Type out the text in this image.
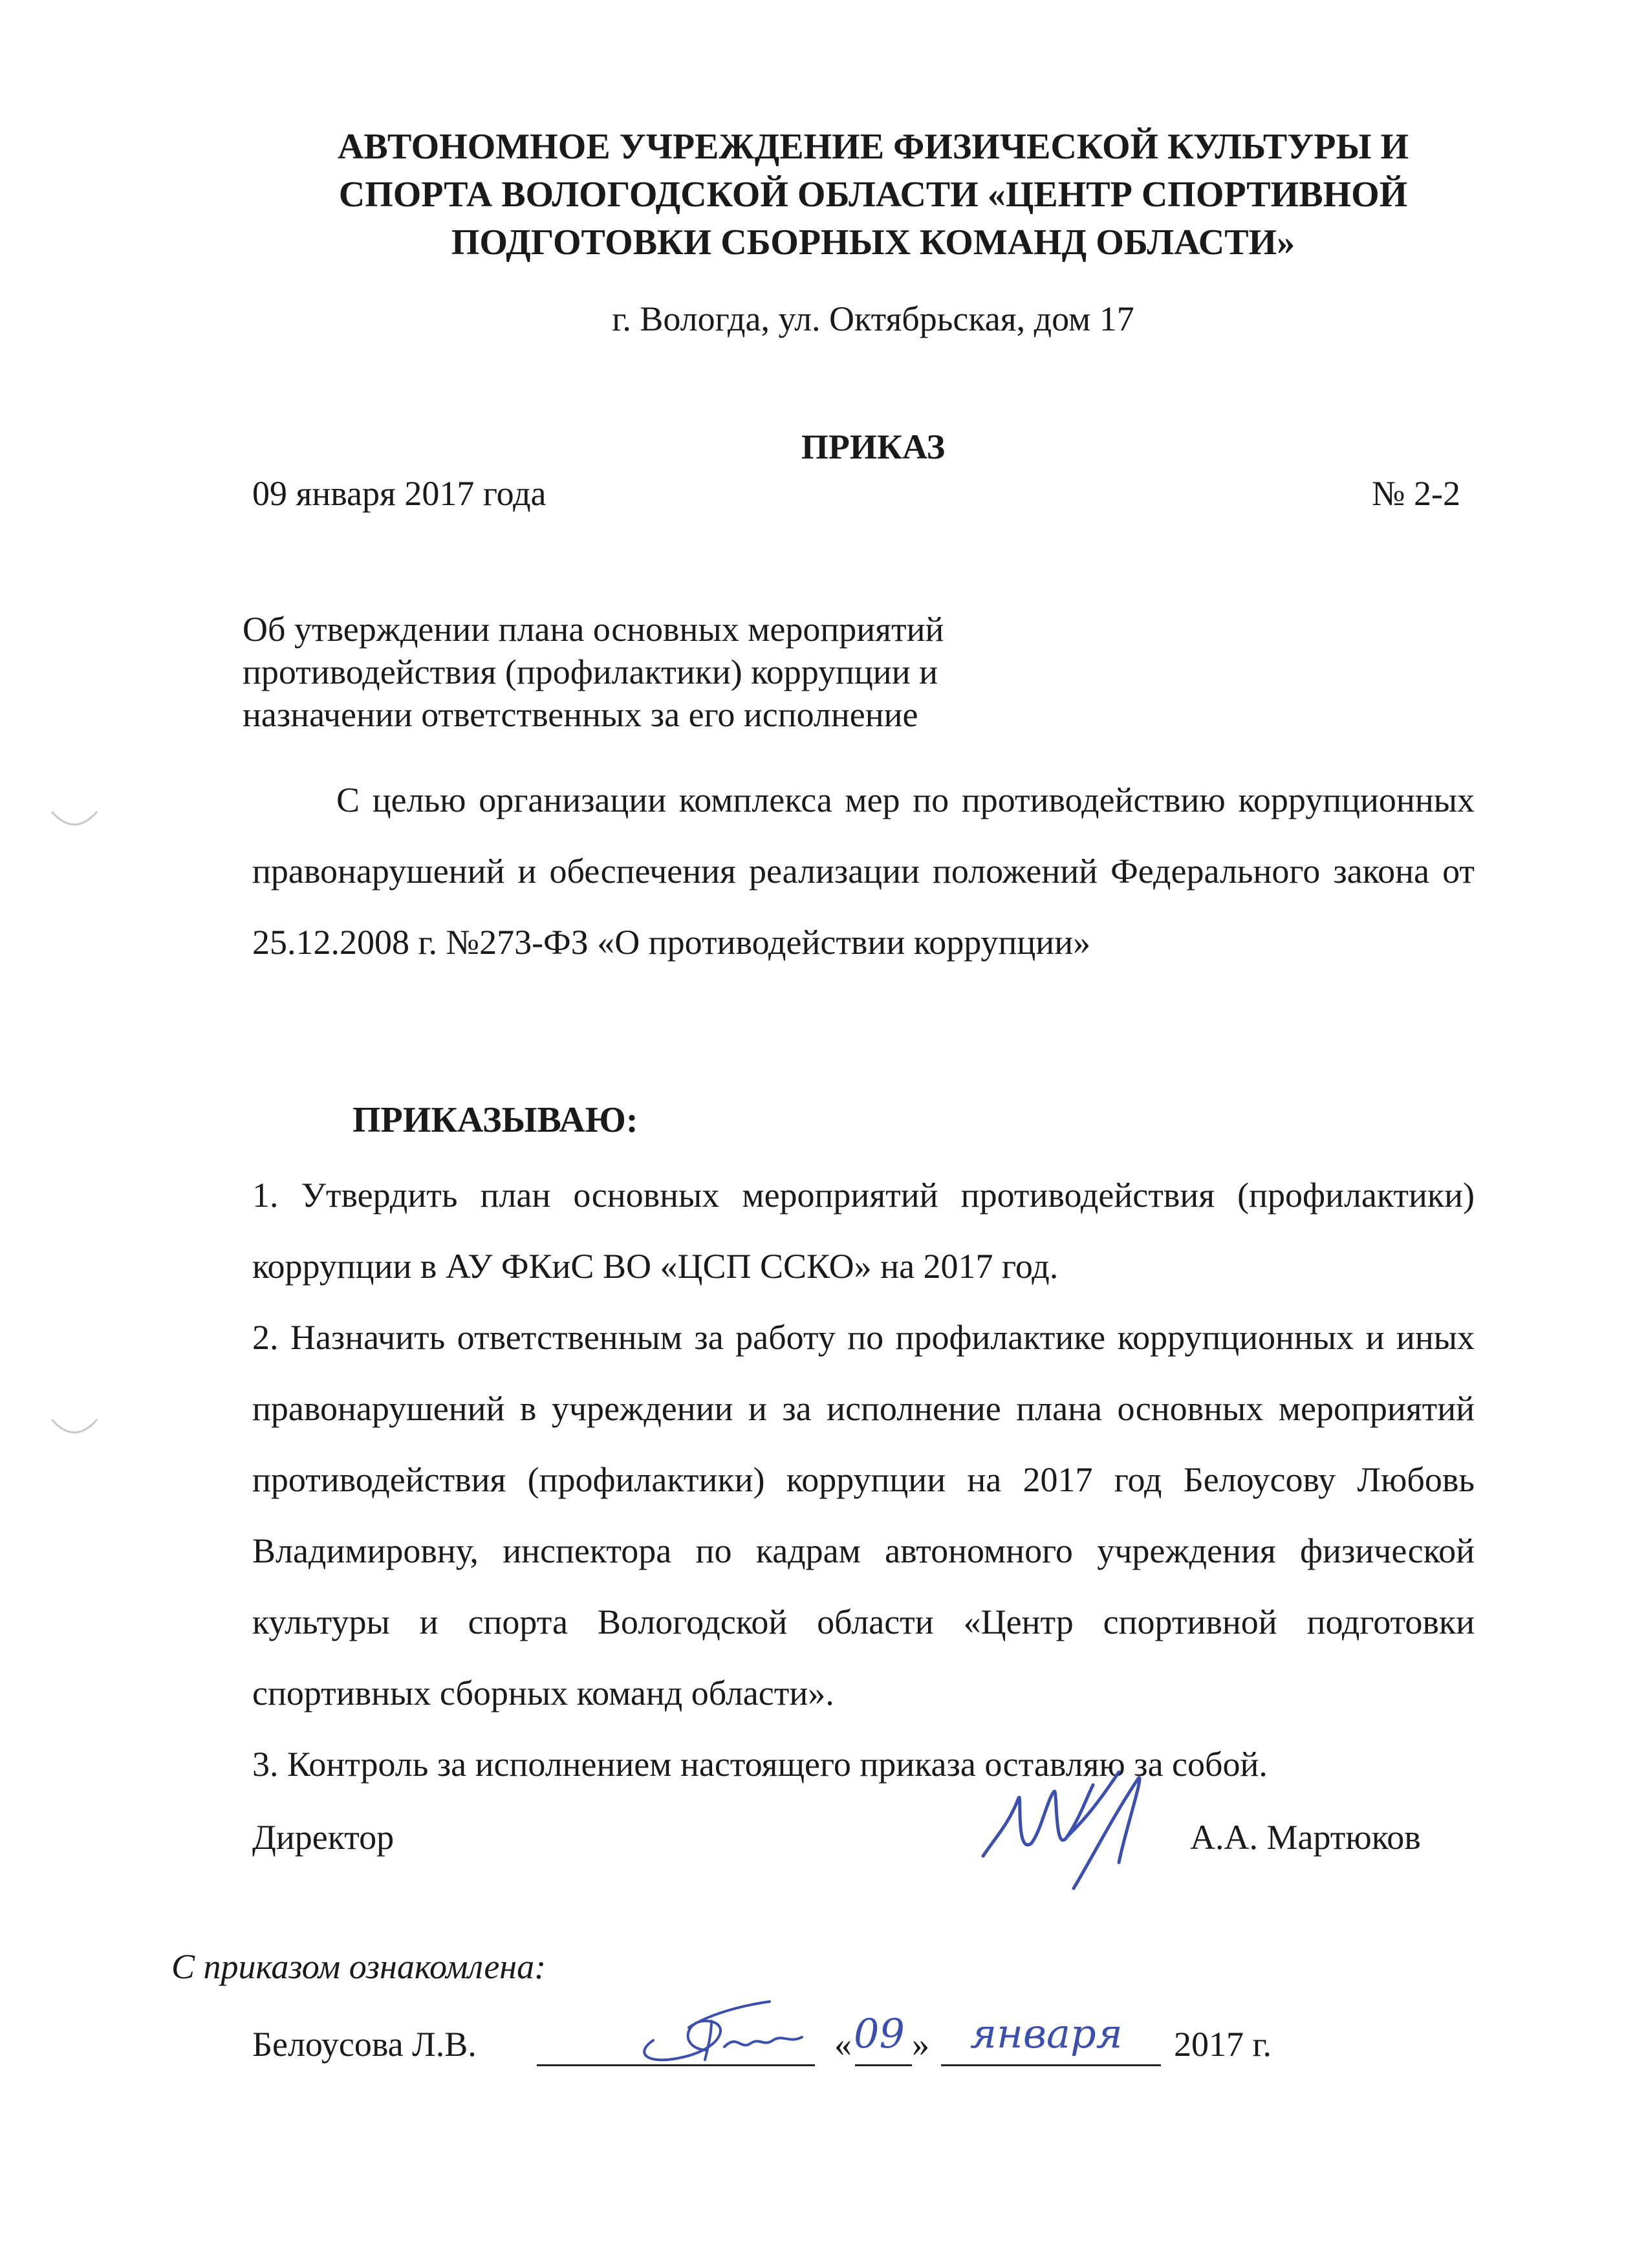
АВТОНОМНОЕ УЧРЕЖДЕНИЕ ФИЗИЧЕСКОЙ КУЛЬТУРЫ И
СПОРТА ВОЛОГОДСКОЙ ОБЛАСТИ «ЦЕНТР СПОРТИВНОЙ
ПОДГОТОВКИ СБОРНЫХ КОМАНД ОБЛАСТИ»
г. Вологда, ул. Октябрьская, дом 17
ПРИКАЗ
09 января 2017 года	№ 2-2
Об утверждении плана основных мероприятий
противодействия (профилактики) коррупции и
назначении ответственных за его исполнение
С целью организации комплекса мер по противодействию коррупционных правонарушений и обеспечения реализации положений Федерального закона от 25.12.2008 г. №273-ФЗ «О противодействии коррупции»
ПРИКАЗЫВАЮ:

1. Утвердить план основных мероприятий противодействия (профилактики) коррупции в АУ ФКиС ВО «ЦСП ССКО» на 2017 год.

2. Назначить ответственным за работу по профилактике коррупционных и иных правонарушений в учреждении и за исполнение плана основных мероприятий противодействия (профилактики) коррупции на 2017 год Белоусову Любовь Владимировну, инспектора по кадрам автономного учреждения физической культуры и спорта Вологодской области «Центр спортивной подготовки спортивных сборных команд области».

3. Контроль за исполнением настоящего приказа оставляю за собой.

Директор	А.А. Мартюков
С приказом ознакомлена:
Белоусова Л.В.	« 09 » января 2017 г.
